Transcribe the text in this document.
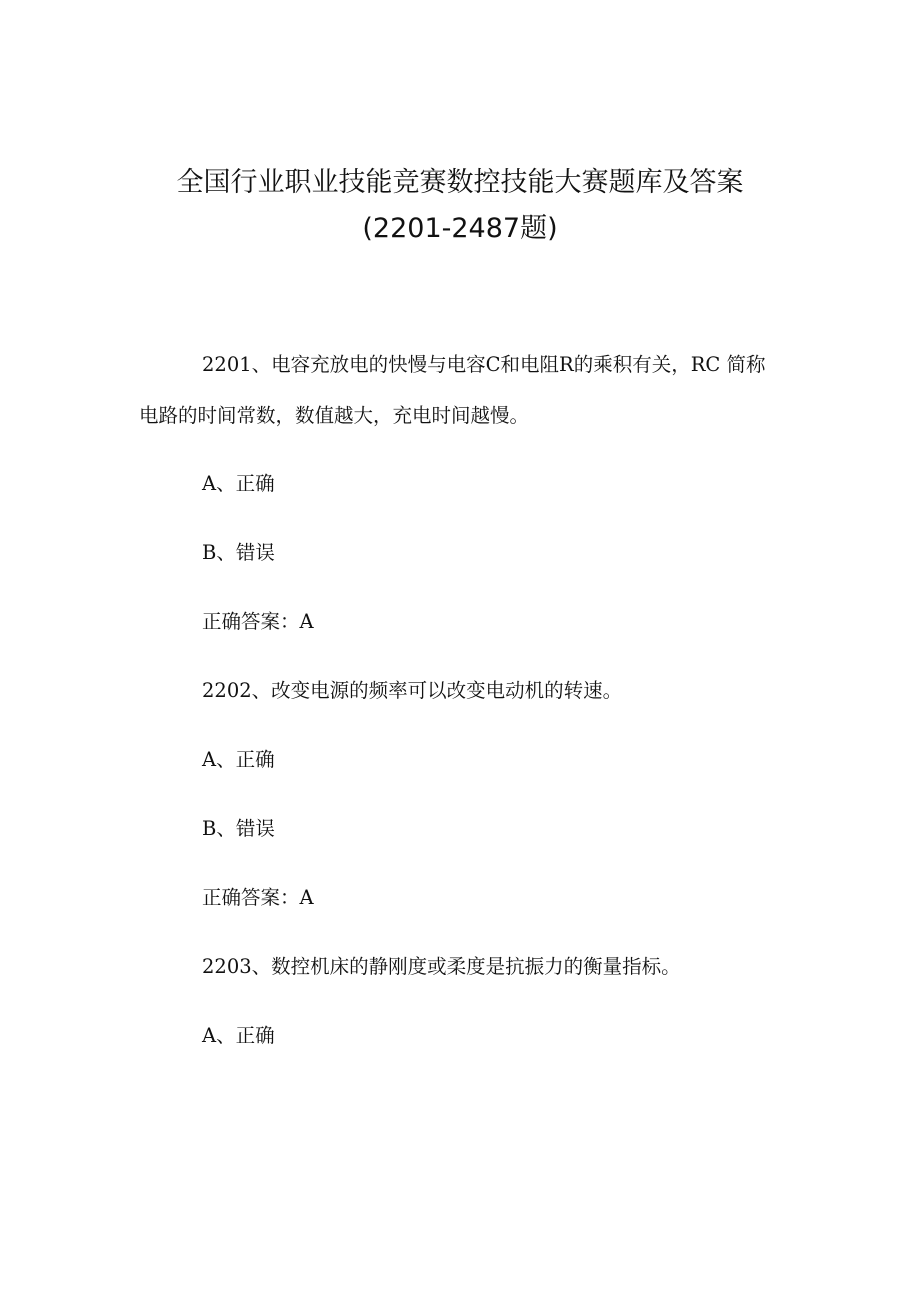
全国行业职业技能竞赛数控技能大赛题库及答案
(2201-2487题)
2201、电容充放电的快慢与电容C和电阻R的乘积有关，RC 简称
电路的时间常数，数值越大，充电时间越慢。
A、正确
B、错误
正确答案：A
2202、改变电源的频率可以改变电动机的转速。
A、正确
B、错误
正确答案：A
2203、数控机床的静刚度或柔度是抗振力的衡量指标。
A、正确
